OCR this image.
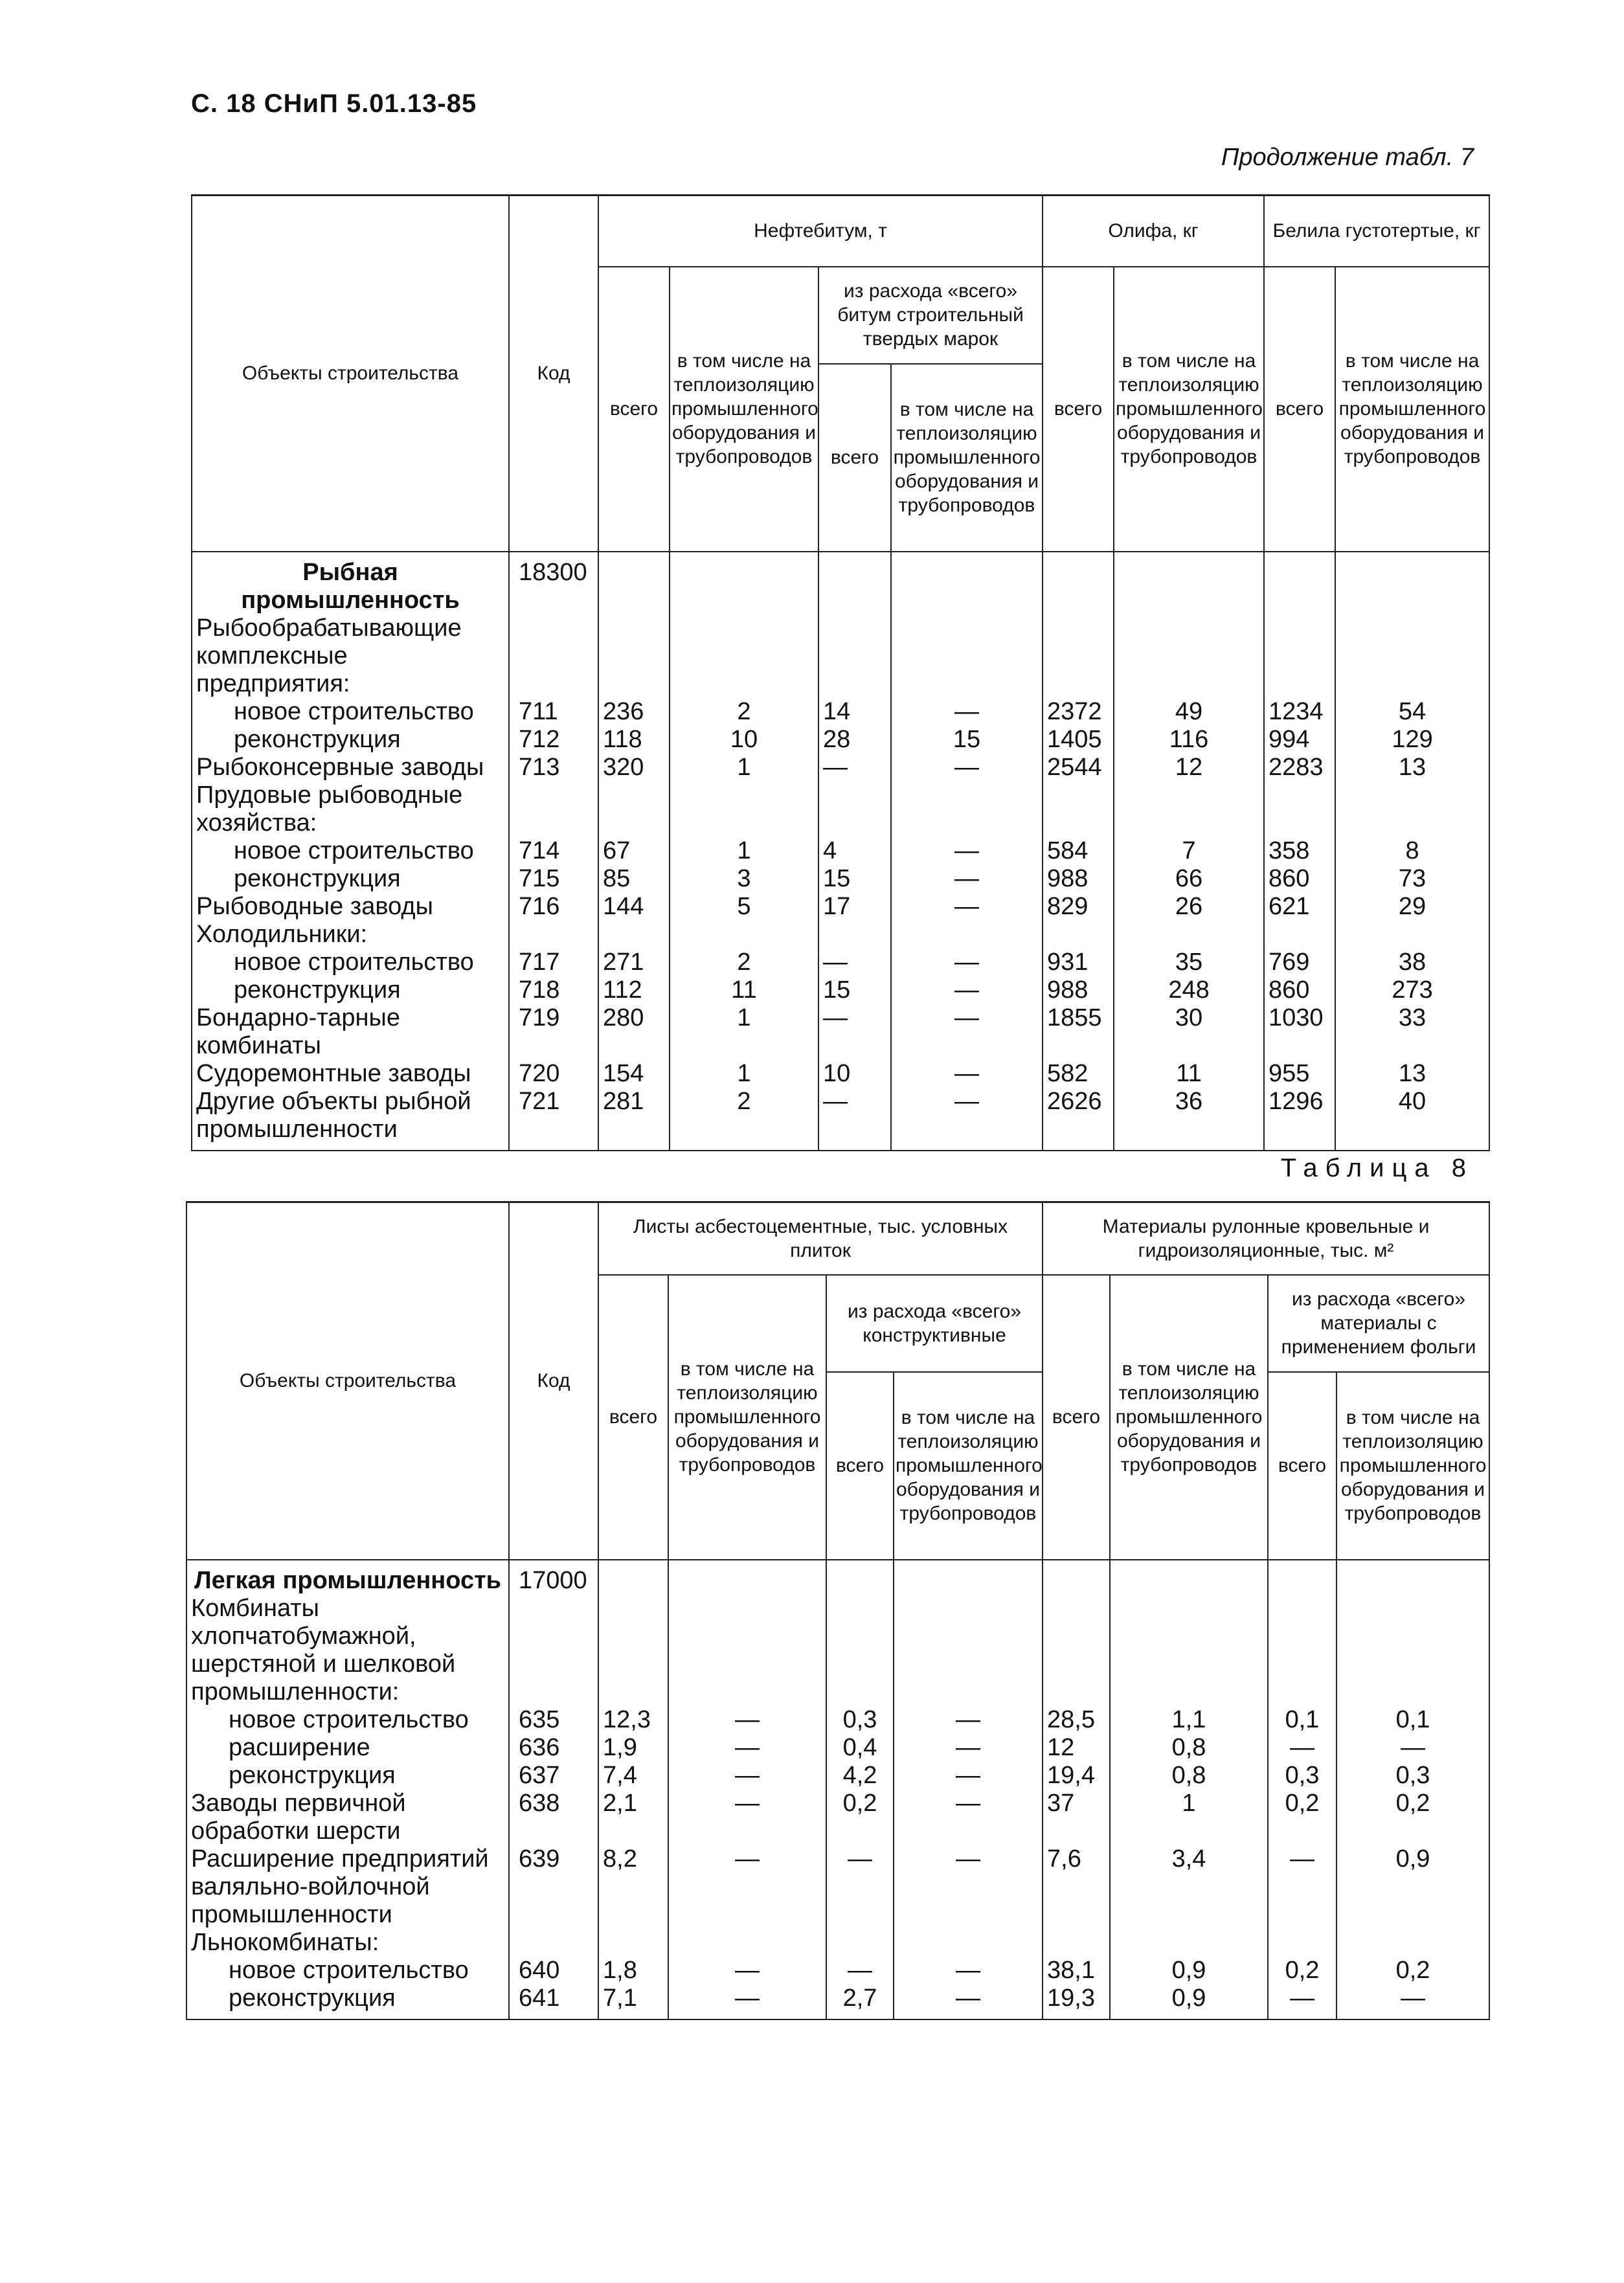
С. 18 СНиП 5.01.13-85
Продолжение табл. 7
Объекты строительства	Код	Нефтебитум, т				Олифа, кг		Белила густотертые, кг	
		всего	в том числе на теплоизоляцию промышленного оборудования и трубопроводов	из расхода «всего» битум строительный твердых марок		всего	в том числе на теплоизоляцию промышленного оборудования и трубопроводов	всего	в том числе на теплоизоляцию промышленного оборудования и трубопроводов
				всего	в том числе на теплоизоляцию промышленного оборудования и трубопроводов				
Рыбная промышленность	18300								
Рыбообрабатывающие комплексные предприятия:									
новое строительство	711	236	2	14	—	2372	49	1234	54
реконструкция	712	118	10	28	15	1405	116	994	129
Рыбоконсервные заводы	713	320	1	—	—	2544	12	2283	13
Прудовые рыбоводные хозяйства:									
новое строительство	714	67	1	4	—	584	7	358	8
реконструкция	715	85	3	15	—	988	66	860	73
Рыбоводные заводы	716	144	5	17	—	829	26	621	29
Холодильники:									
новое строительство	717	271	2	—	—	931	35	769	38
реконструкция	718	112	11	15	—	988	248	860	273
Бондарно-тарные комбинаты	719	280	1	—	—	1855	30	1030	33
Судоремонтные заводы	720	154	1	10	—	582	11	955	13
Другие объекты рыбной промышленности	721	281	2	—	—	2626	36	1296	40
Таблица 8
Объекты строительства	Код	Листы асбестоцементные, тыс. условных плиток				Материалы рулонные кровельные и гидроизоляционные, тыс. м²			
		всего	в том числе на теплоизоляцию промышленного оборудования и трубопроводов	из расхода «всего» конструктивные		всего	в том числе на теплоизоляцию промышленного оборудования и трубопроводов	из расхода «всего» материалы с применением фольги	
				всего	в том числе на теплоизоляцию промышленного оборудования и трубопроводов			всего	в том числе на теплоизоляцию промышленного оборудования и трубопроводов
Легкая промышленность	17000								
Комбинаты хлопчатобумажной, шерстяной и шелковой промышленности:									
новое строительство	635	12,3	—	0,3	—	28,5	1,1	0,1	0,1
расширение	636	1,9	—	0,4	—	12	0,8	—	—
реконструкция	637	7,4	—	4,2	—	19,4	0,8	0,3	0,3
Заводы первичной обработки шерсти	638	2,1	—	0,2	—	37	1	0,2	0,2
Расширение предприятий валяльно-войлочной промышленности	639	8,2	—	—	—	7,6	3,4	—	0,9
Льнокомбинаты:									
новое строительство	640	1,8	—	—	—	38,1	0,9	0,2	0,2
реконструкция	641	7,1	—	2,7	—	19,3	0,9	—	—
